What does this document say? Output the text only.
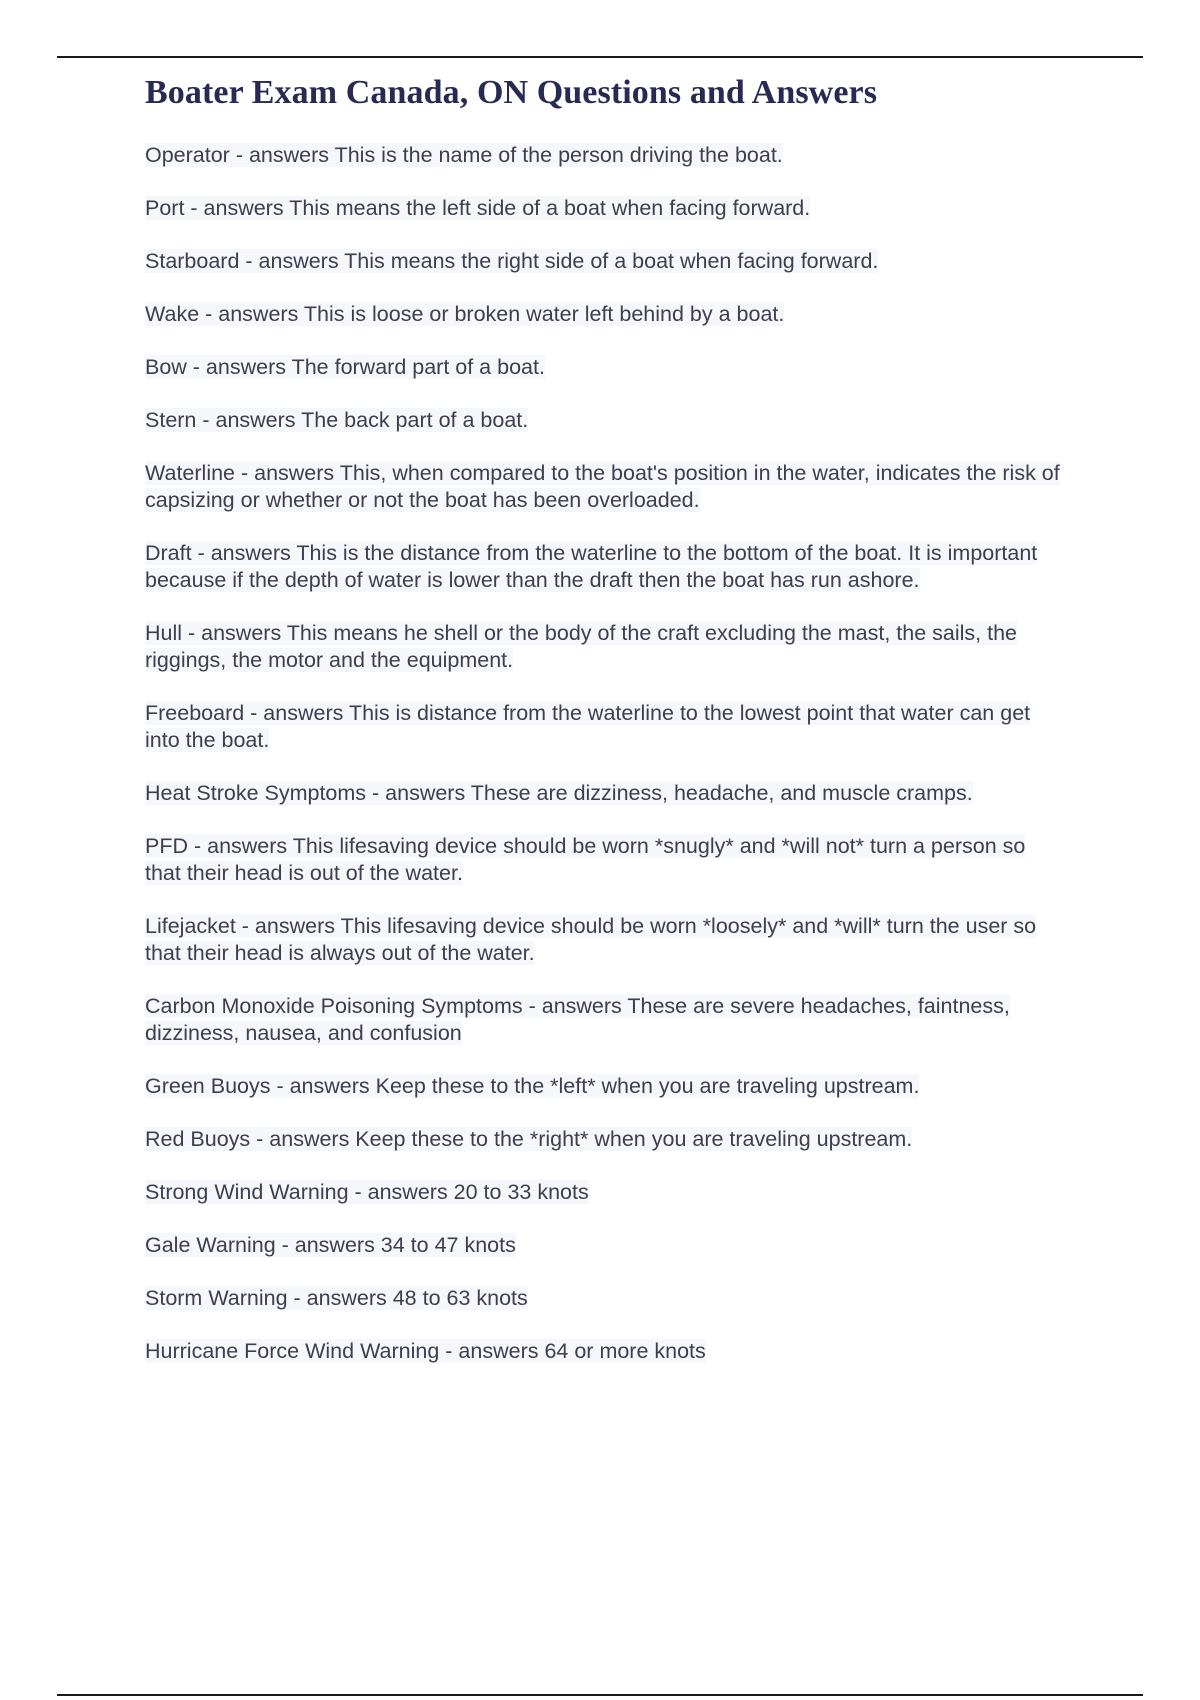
Boater Exam Canada, ON Questions and Answers
Operator - answers This is the name of the person driving the boat.
Port - answers This means the left side of a boat when facing forward.
Starboard - answers This means the right side of a boat when facing forward.
Wake - answers This is loose or broken water left behind by a boat.
Bow - answers The forward part of a boat.
Stern - answers The back part of a boat.
Waterline - answers This, when compared to the boat's position in the water, indicates the risk of capsizing or whether or not the boat has been overloaded.
Draft - answers This is the distance from the waterline to the bottom of the boat. It is important because if the depth of water is lower than the draft then the boat has run ashore.
Hull - answers This means he shell or the body of the craft excluding the mast, the sails, the riggings, the motor and the equipment.
Freeboard - answers This is distance from the waterline to the lowest point that water can get into the boat.
Heat Stroke Symptoms - answers These are dizziness, headache, and muscle cramps.
PFD - answers This lifesaving device should be worn *snugly* and *will not* turn a person so that their head is out of the water.
Lifejacket - answers This lifesaving device should be worn *loosely* and *will* turn the user so that their head is always out of the water.
Carbon Monoxide Poisoning Symptoms - answers These are severe headaches, faintness, dizziness, nausea, and confusion
Green Buoys - answers Keep these to the *left* when you are traveling upstream.
Red Buoys - answers Keep these to the *right* when you are traveling upstream.
Strong Wind Warning - answers 20 to 33 knots
Gale Warning - answers 34 to 47 knots
Storm Warning - answers 48 to 63 knots
Hurricane Force Wind Warning - answers 64 or more knots
